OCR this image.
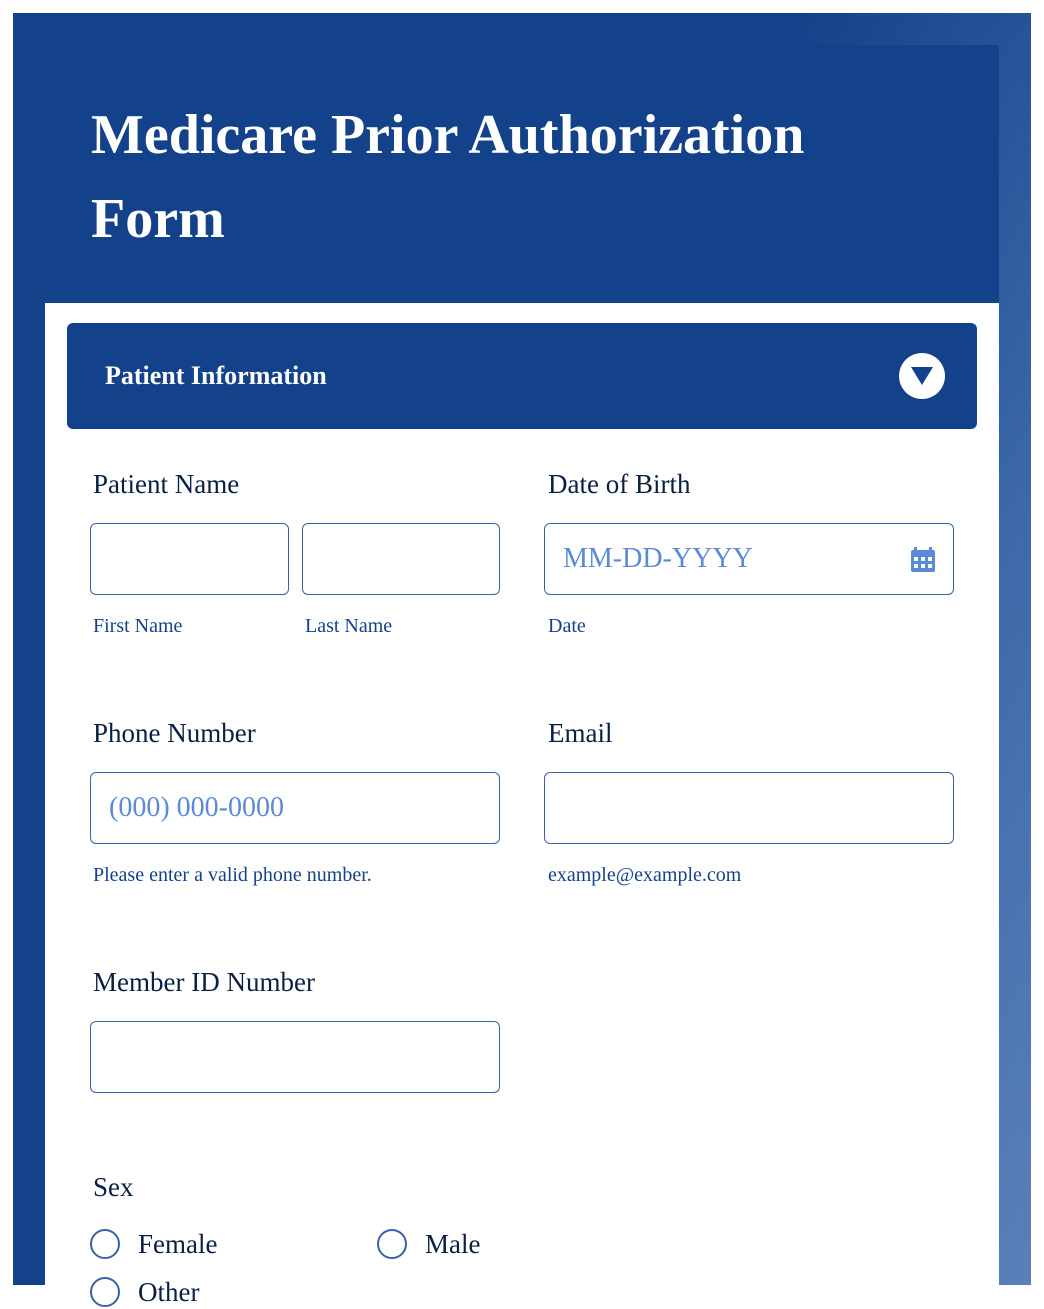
Medicare Prior Authorization Form
Patient Information

Patient Name

First Name	Last Name

Date of Birth

MM-DD-YYYY

Date

Phone Number

(000) 000-0000

Please enter a valid phone number.

Email

example@example.com

Member ID Number

Sex

Female	Male
Other
